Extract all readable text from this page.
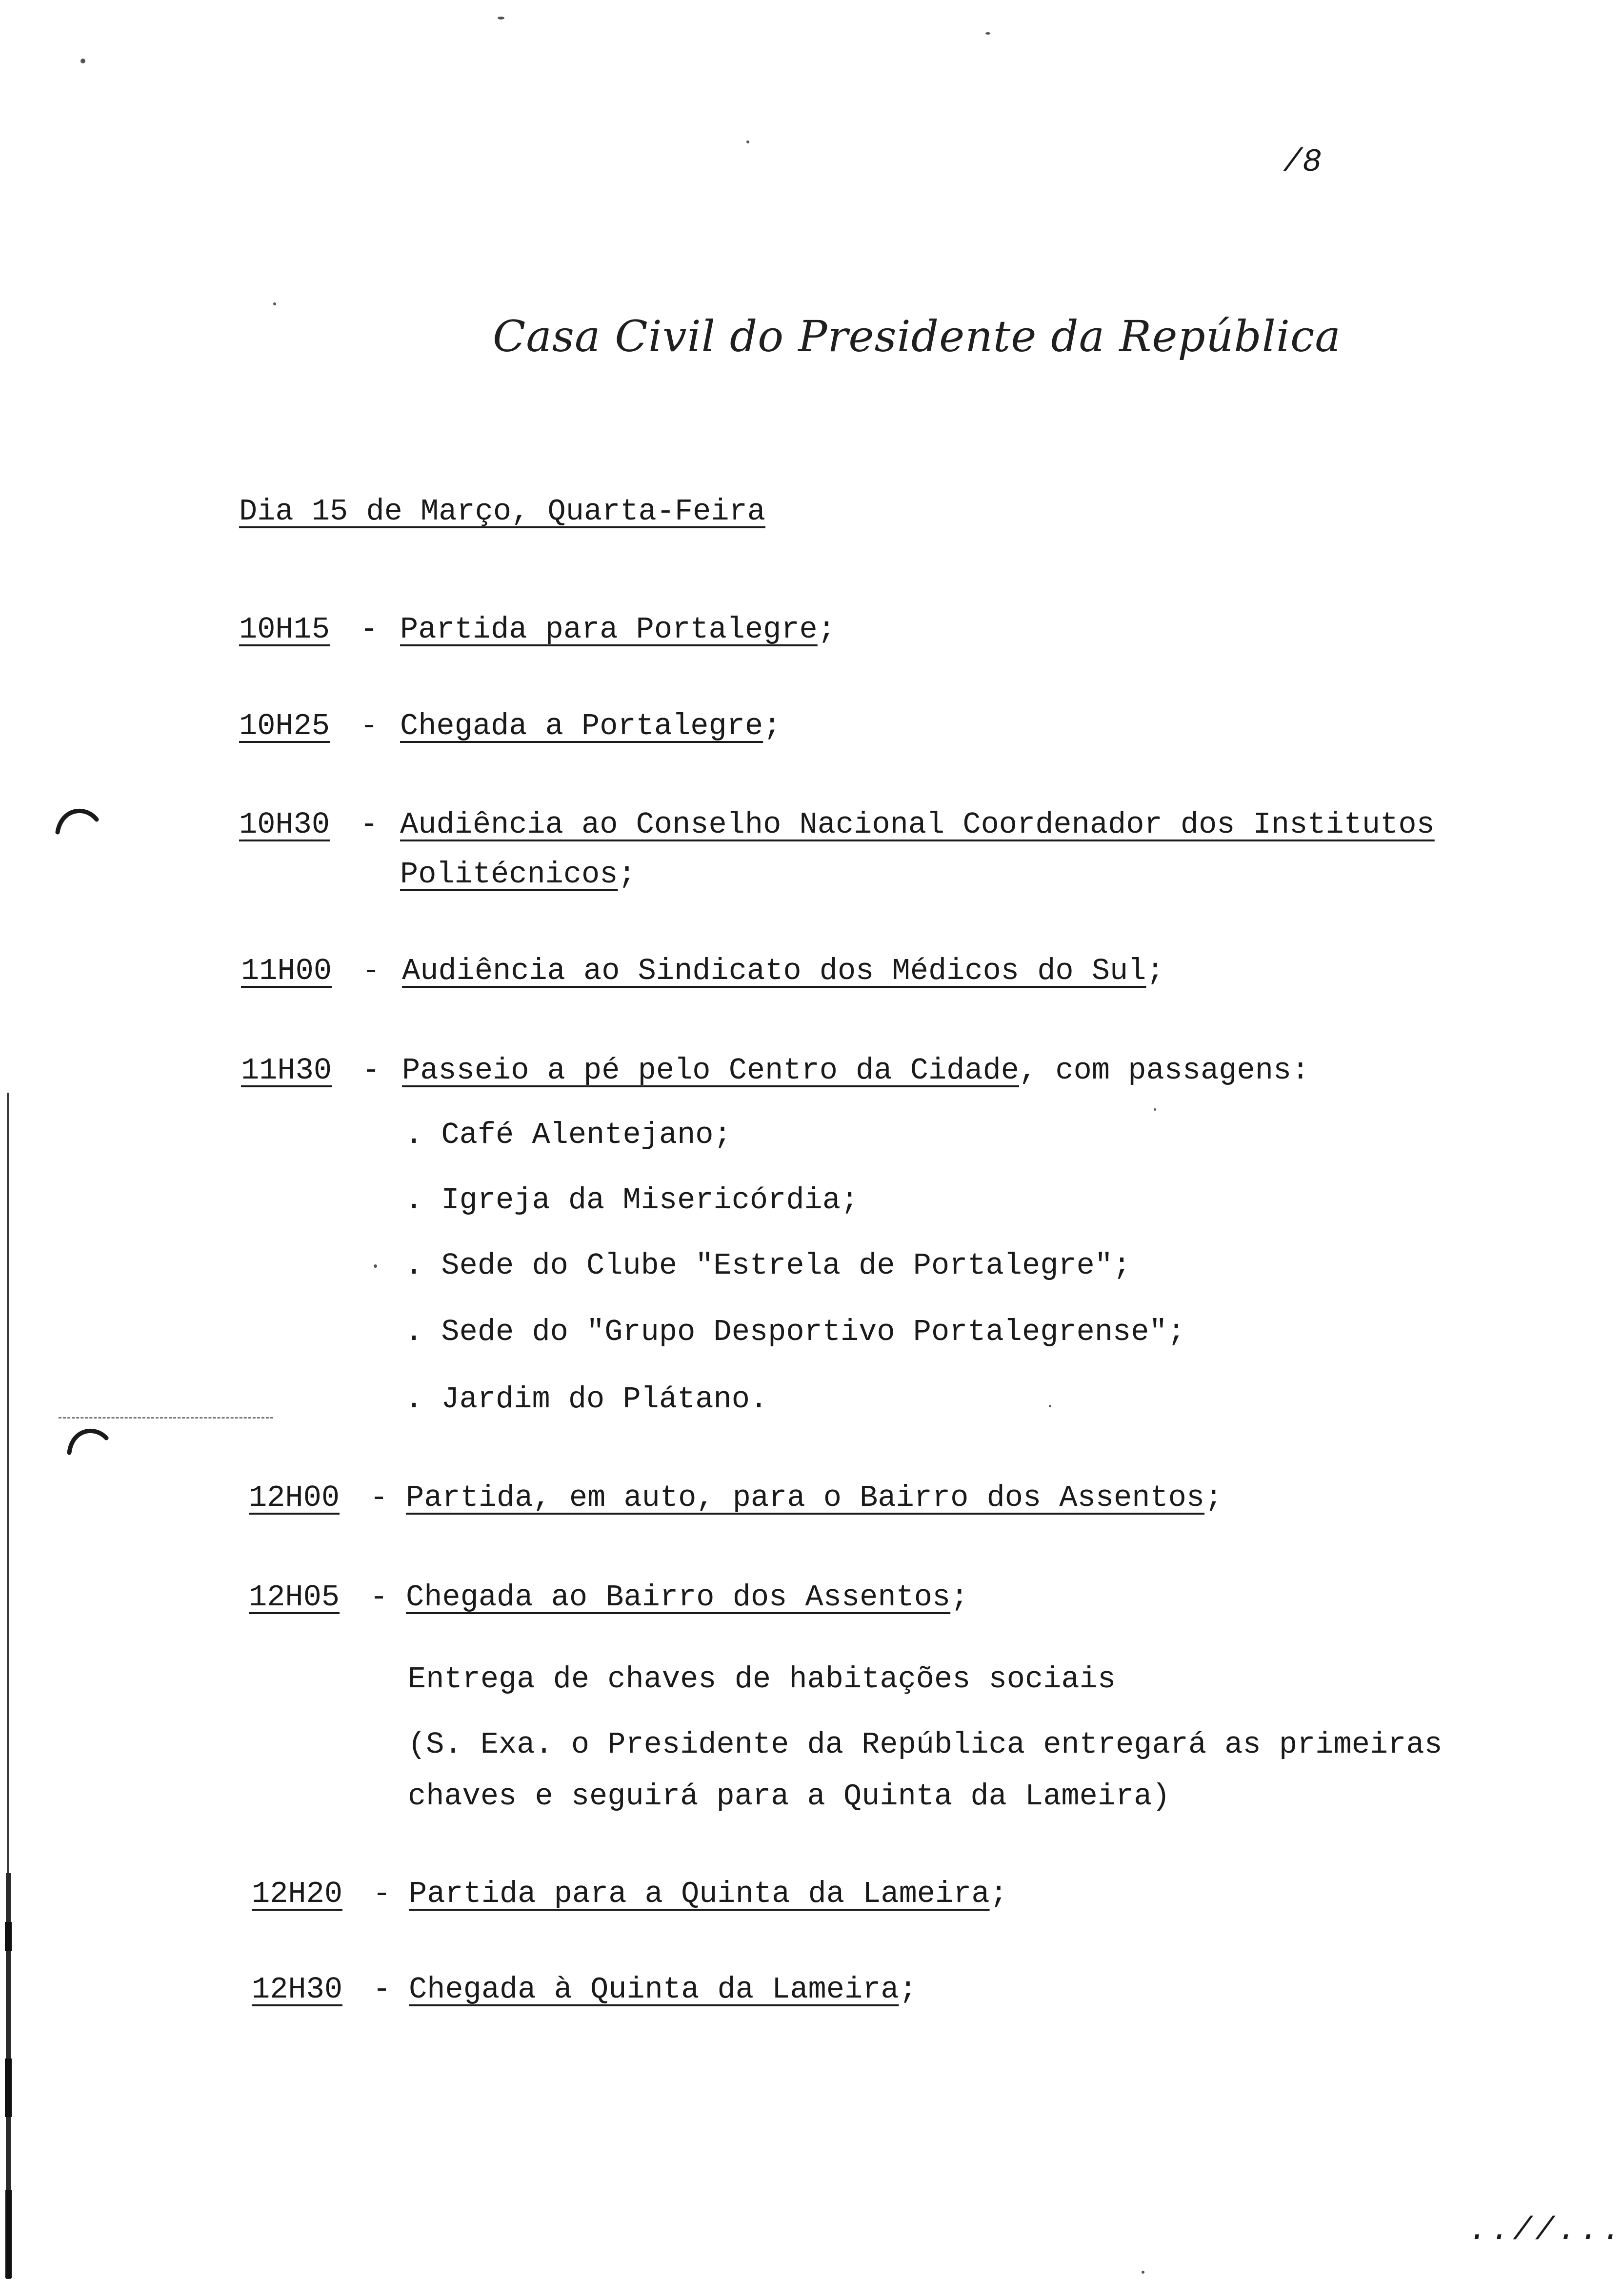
/8
Casa Civil do Presidente da República
Dia 15 de Março, Quarta-Feira
10H15 - Partida para Portalegre;
10H25 - Chegada a Portalegre;
10H30 - Audiência ao Conselho Nacional Coordenador dos Institutos
Politécnicos;
11H00 - Audiência ao Sindicato dos Médicos do Sul;
11H30 - Passeio a pé pelo Centro da Cidade, com passagens:
. Café Alentejano;
. Igreja da Misericórdia;
. Sede do Clube "Estrela de Portalegre";
. Sede do "Grupo Desportivo Portalegrense";
. Jardim do Plátano.
12H00 - Partida, em auto, para o Bairro dos Assentos;
12H05 - Chegada ao Bairro dos Assentos;
Entrega de chaves de habitações sociais
(S. Exa. o Presidente da República entregará as primeiras
chaves e seguirá para a Quinta da Lameira)
12H20 - Partida para a Quinta da Lameira;
12H30 - Chegada à Quinta da Lameira;
..//...
